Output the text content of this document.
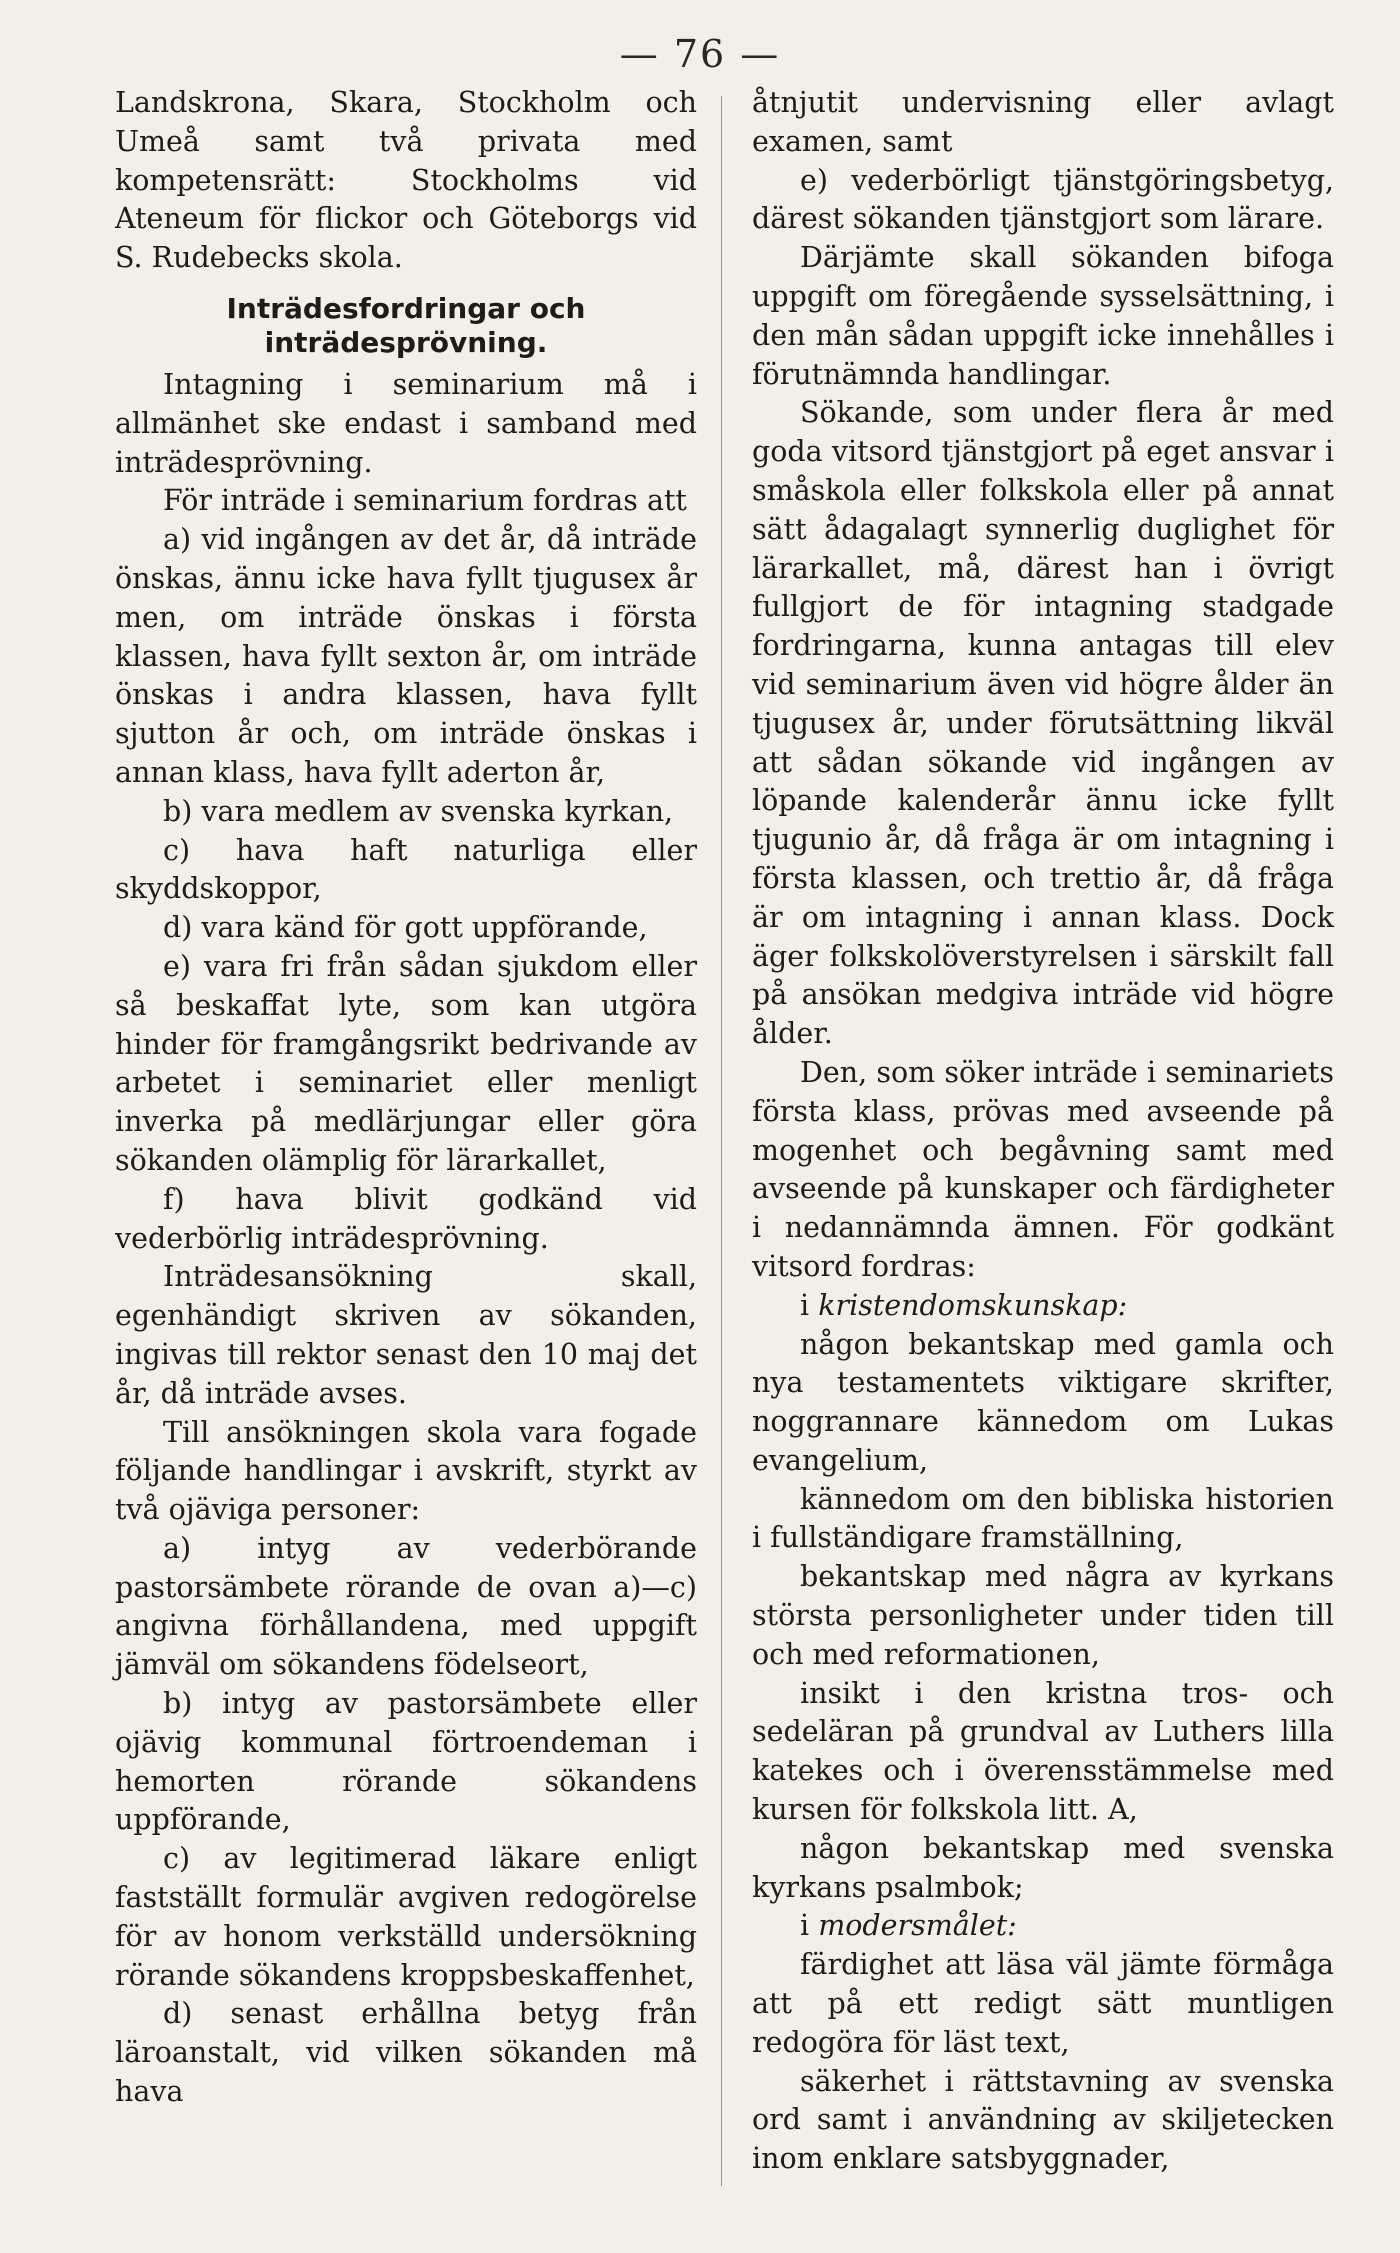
— 76 —

Landskrona, Skara, Stockholm och Umeå samt två privata med kompetensrätt: Stockholms vid Ateneum för flickor och Göteborgs vid S. Rudebecks skola.

Inträdesfordringar och inträdesprövning.

Intagning i seminarium må i allmänhet ske endast i samband med inträdesprövning.

För inträde i seminarium fordras att

a) vid ingången av det år, då inträde önskas, ännu icke hava fyllt tjugusex år men, om inträde önskas i första klassen, hava fyllt sexton år, om inträde önskas i andra klassen, hava fyllt sjutton år och, om inträde önskas i annan klass, hava fyllt aderton år,

b) vara medlem av svenska kyrkan,

c) hava haft naturliga eller skyddskoppor,

d) vara känd för gott uppförande,

e) vara fri från sådan sjukdom eller så beskaffat lyte, som kan utgöra hinder för framgångsrikt bedrivande av arbetet i seminariet eller menligt inverka på medlärjungar eller göra sökanden olämplig för lärarkallet,

f) hava blivit godkänd vid vederbörlig inträdesprövning.

Inträdesansökning skall, egenhändigt skriven av sökanden, ingivas till rektor senast den 10 maj det år, då inträde avses.

Till ansökningen skola vara fogade följande handlingar i avskrift, styrkt av två ojäviga personer:

a) intyg av vederbörande pastorsämbete rörande de ovan a)—c) angivna förhållandena, med uppgift jämväl om sökandens födelseort,

b) intyg av pastorsämbete eller ojävig kommunal förtroendeman i hemorten rörande sökandens uppförande,

c) av legitimerad läkare enligt fastställt formulär avgiven redogörelse för av honom verkställd undersökning rörande sökandens kroppsbeskaffenhet,

d) senast erhållna betyg från läroanstalt, vid vilken sökanden må hava

åtnjutit undervisning eller avlagt examen, samt

e) vederbörligt tjänstgöringsbetyg, därest sökanden tjänstgjort som lärare.

Därjämte skall sökanden bifoga uppgift om föregående sysselsättning, i den mån sådan uppgift icke innehålles i förutnämnda handlingar.

Sökande, som under flera år med goda vitsord tjänstgjort på eget ansvar i småskola eller folkskola eller på annat sätt ådagalagt synnerlig duglighet för lärarkallet, må, därest han i övrigt fullgjort de för intagning stadgade fordringarna, kunna antagas till elev vid seminarium även vid högre ålder än tjugusex år, under förutsättning likväl att sådan sökande vid ingången av löpande kalenderår ännu icke fyllt tjugunio år, då fråga är om intagning i första klassen, och trettio år, då fråga är om intagning i annan klass. Dock äger folkskolöverstyrelsen i särskilt fall på ansökan medgiva inträde vid högre ålder.

Den, som söker inträde i seminariets första klass, prövas med avseende på mogenhet och begåvning samt med avseende på kunskaper och färdigheter i nedannämnda ämnen. För godkänt vitsord fordras:

i kristendomskunskap:

någon bekantskap med gamla och nya testamentets viktigare skrifter, noggrannare kännedom om Lukas evangelium,

kännedom om den bibliska historien i fullständigare framställning,

bekantskap med några av kyrkans största personligheter under tiden till och med reformationen,

insikt i den kristna tros- och sedeläran på grundval av Luthers lilla katekes och i överensstämmelse med kursen för folkskola litt. A,

någon bekantskap med svenska kyrkans psalmbok;

i modersmålet:

färdighet att läsa väl jämte förmåga att på ett redigt sätt muntligen redogöra för läst text,

säkerhet i rättstavning av svenska ord samt i användning av skiljetecken inom enklare satsbyggnader,
